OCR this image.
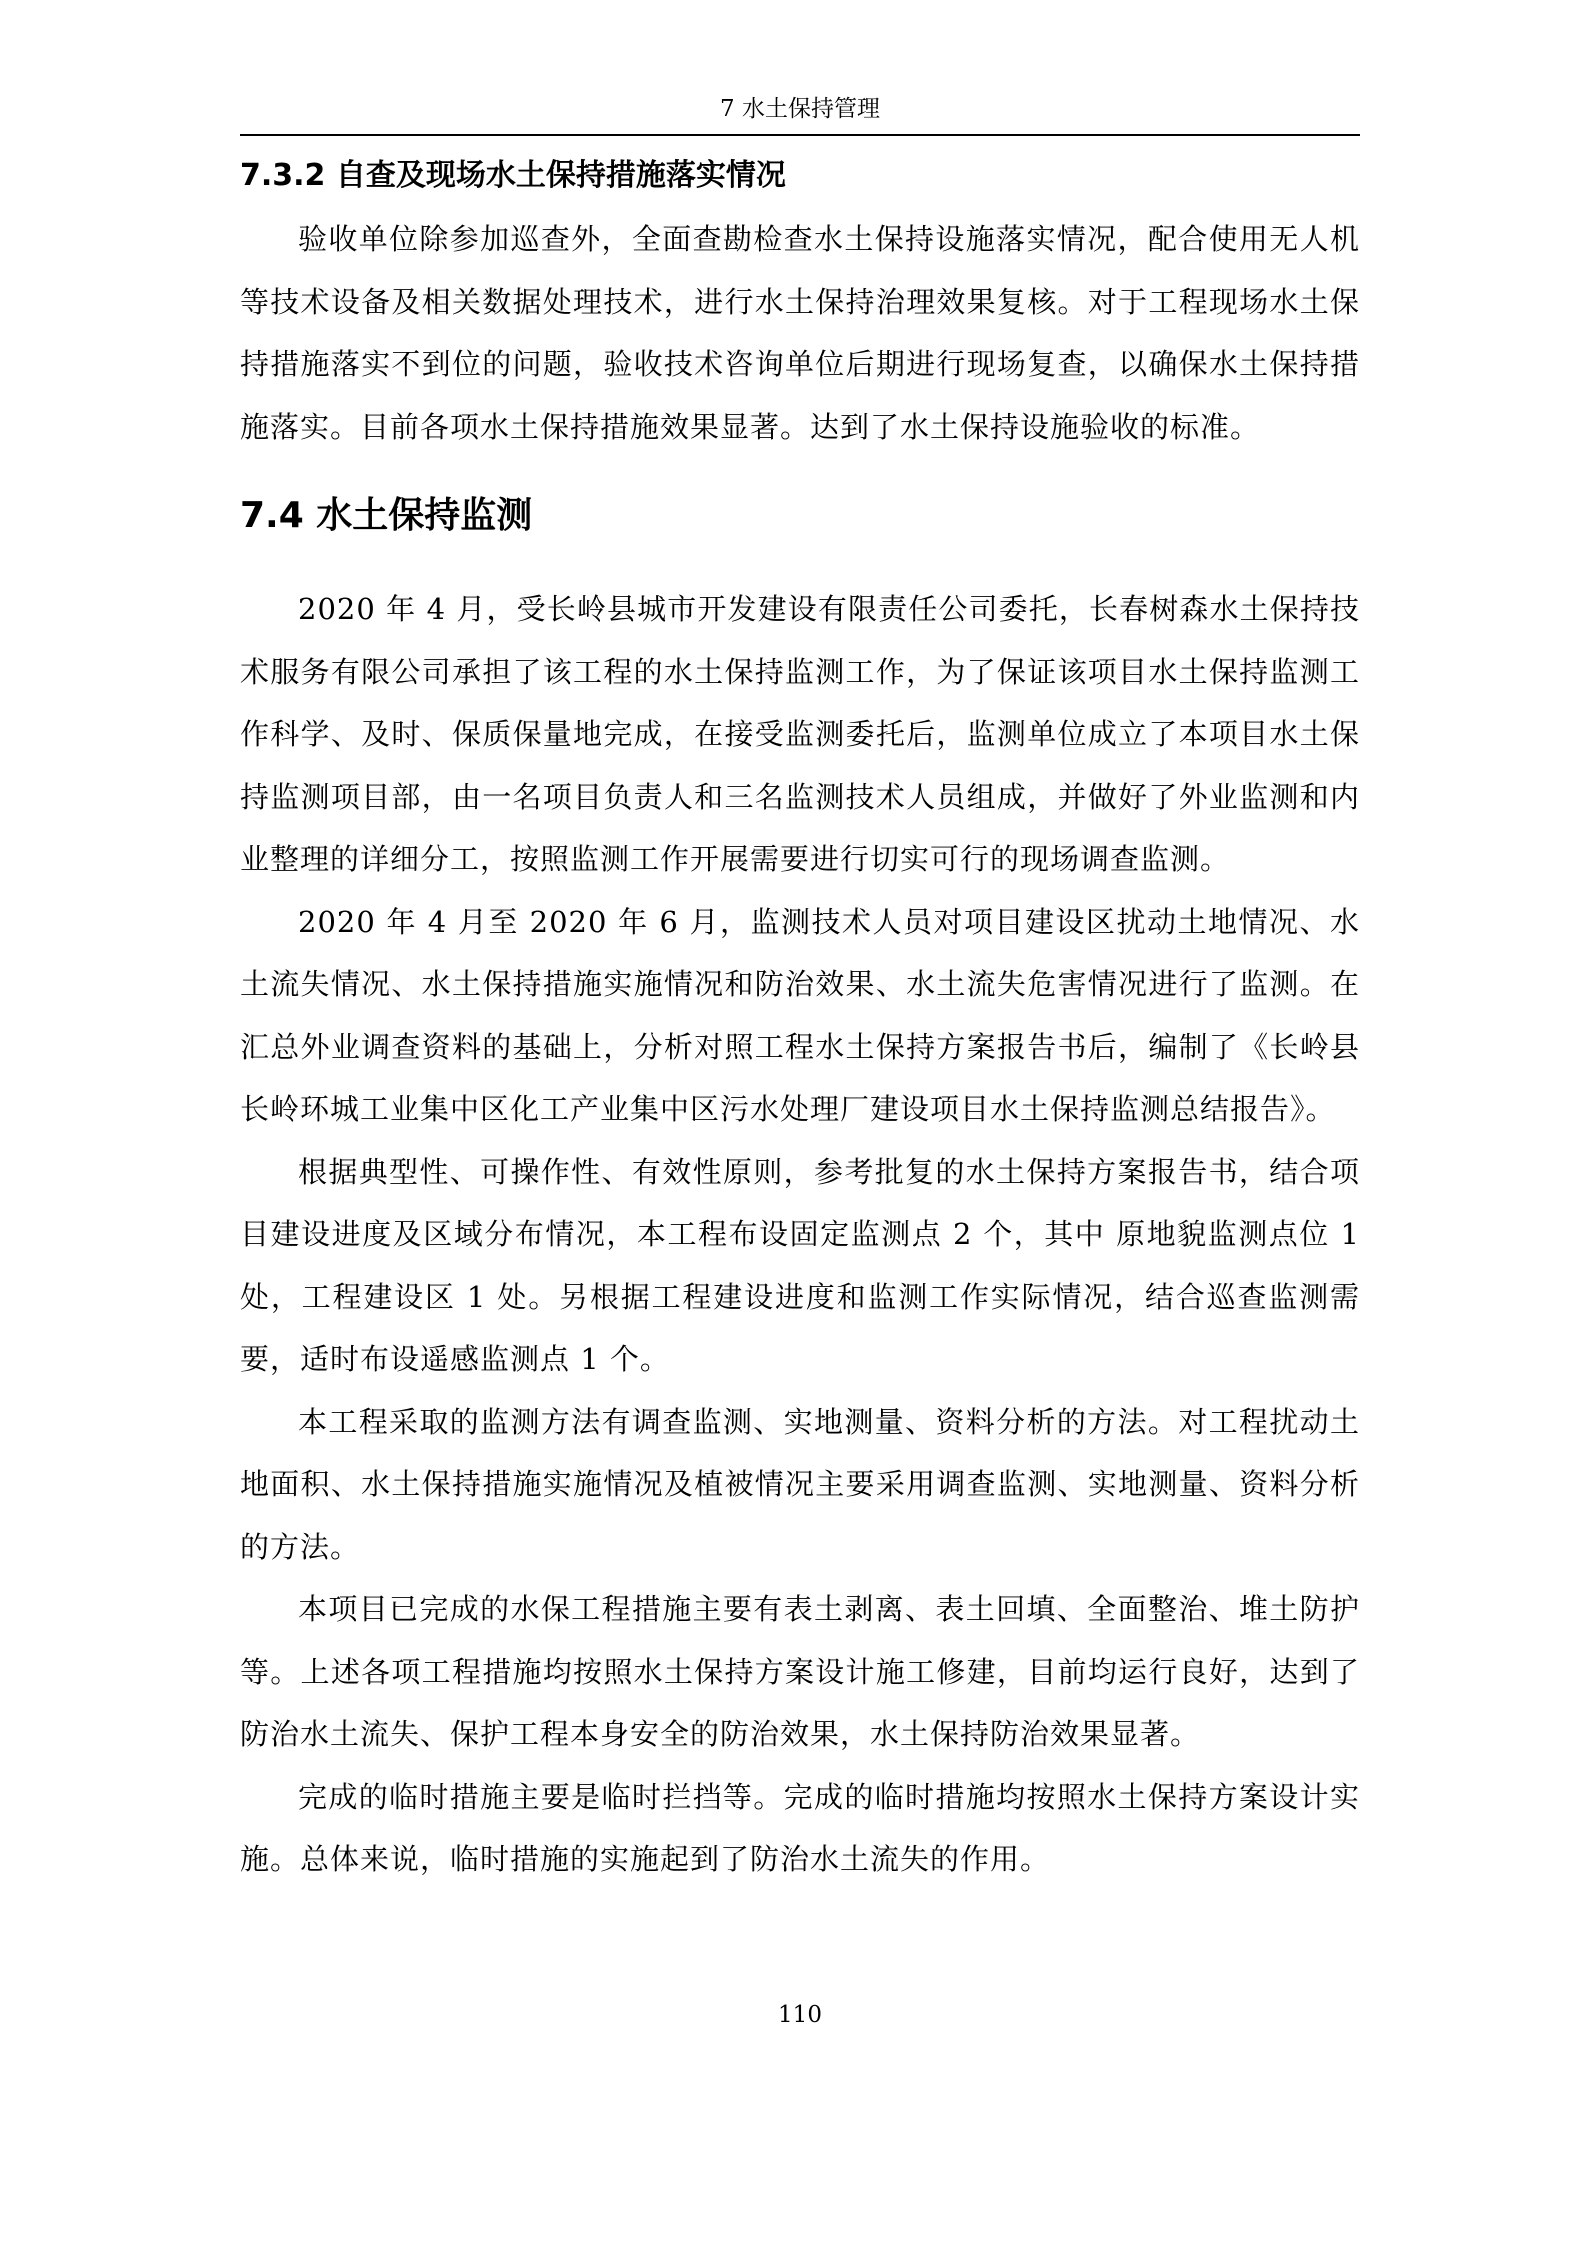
7 水土保持管理
7.3.2 自查及现场水土保持措施落实情况

验收单位除参加巡查外，全面查勘检查水土保持设施落实情况，配合使用无人机等技术设备及相关数据处理技术，进行水土保持治理效果复核。对于工程现场水土保持措施落实不到位的问题，验收技术咨询单位后期进行现场复查，以确保水土保持措施落实。目前各项水土保持措施效果显著。达到了水土保持设施验收的标准。

7.4 水土保持监测

2020 年 4 月，受长岭县城市开发建设有限责任公司委托，长春树森水土保持技术服务有限公司承担了该工程的水土保持监测工作，为了保证该项目水土保持监测工作科学、及时、保质保量地完成，在接受监测委托后，监测单位成立了本项目水土保持监测项目部，由一名项目负责人和三名监测技术人员组成，并做好了外业监测和内业整理的详细分工，按照监测工作开展需要进行切实可行的现场调查监测。

2020 年 4 月至 2020 年 6 月，监测技术人员对项目建设区扰动土地情况、水土流失情况、水土保持措施实施情况和防治效果、水土流失危害情况进行了监测。在汇总外业调查资料的基础上，分析对照工程水土保持方案报告书后，编制了《长岭县长岭环城工业集中区化工产业集中区污水处理厂建设项目水土保持监测总结报告》。

根据典型性、可操作性、有效性原则，参考批复的水土保持方案报告书，结合项目建设进度及区域分布情况，本工程布设固定监测点 2 个，其中 原地貌监测点位 1 处，工程建设区 1 处。另根据工程建设进度和监测工作实际情况，结合巡查监测需要，适时布设遥感监测点 1 个。

本工程采取的监测方法有调查监测、实地测量、资料分析的方法。对工程扰动土地面积、水土保持措施实施情况及植被情况主要采用调查监测、实地测量、资料分析的方法。

本项目已完成的水保工程措施主要有表土剥离、表土回填、全面整治、堆土防护等。上述各项工程措施均按照水土保持方案设计施工修建，目前均运行良好，达到了防治水土流失、保护工程本身安全的防治效果，水土保持防治效果显著。

完成的临时措施主要是临时拦挡等。完成的临时措施均按照水土保持方案设计实施。总体来说，临时措施的实施起到了防治水土流失的作用。

110
